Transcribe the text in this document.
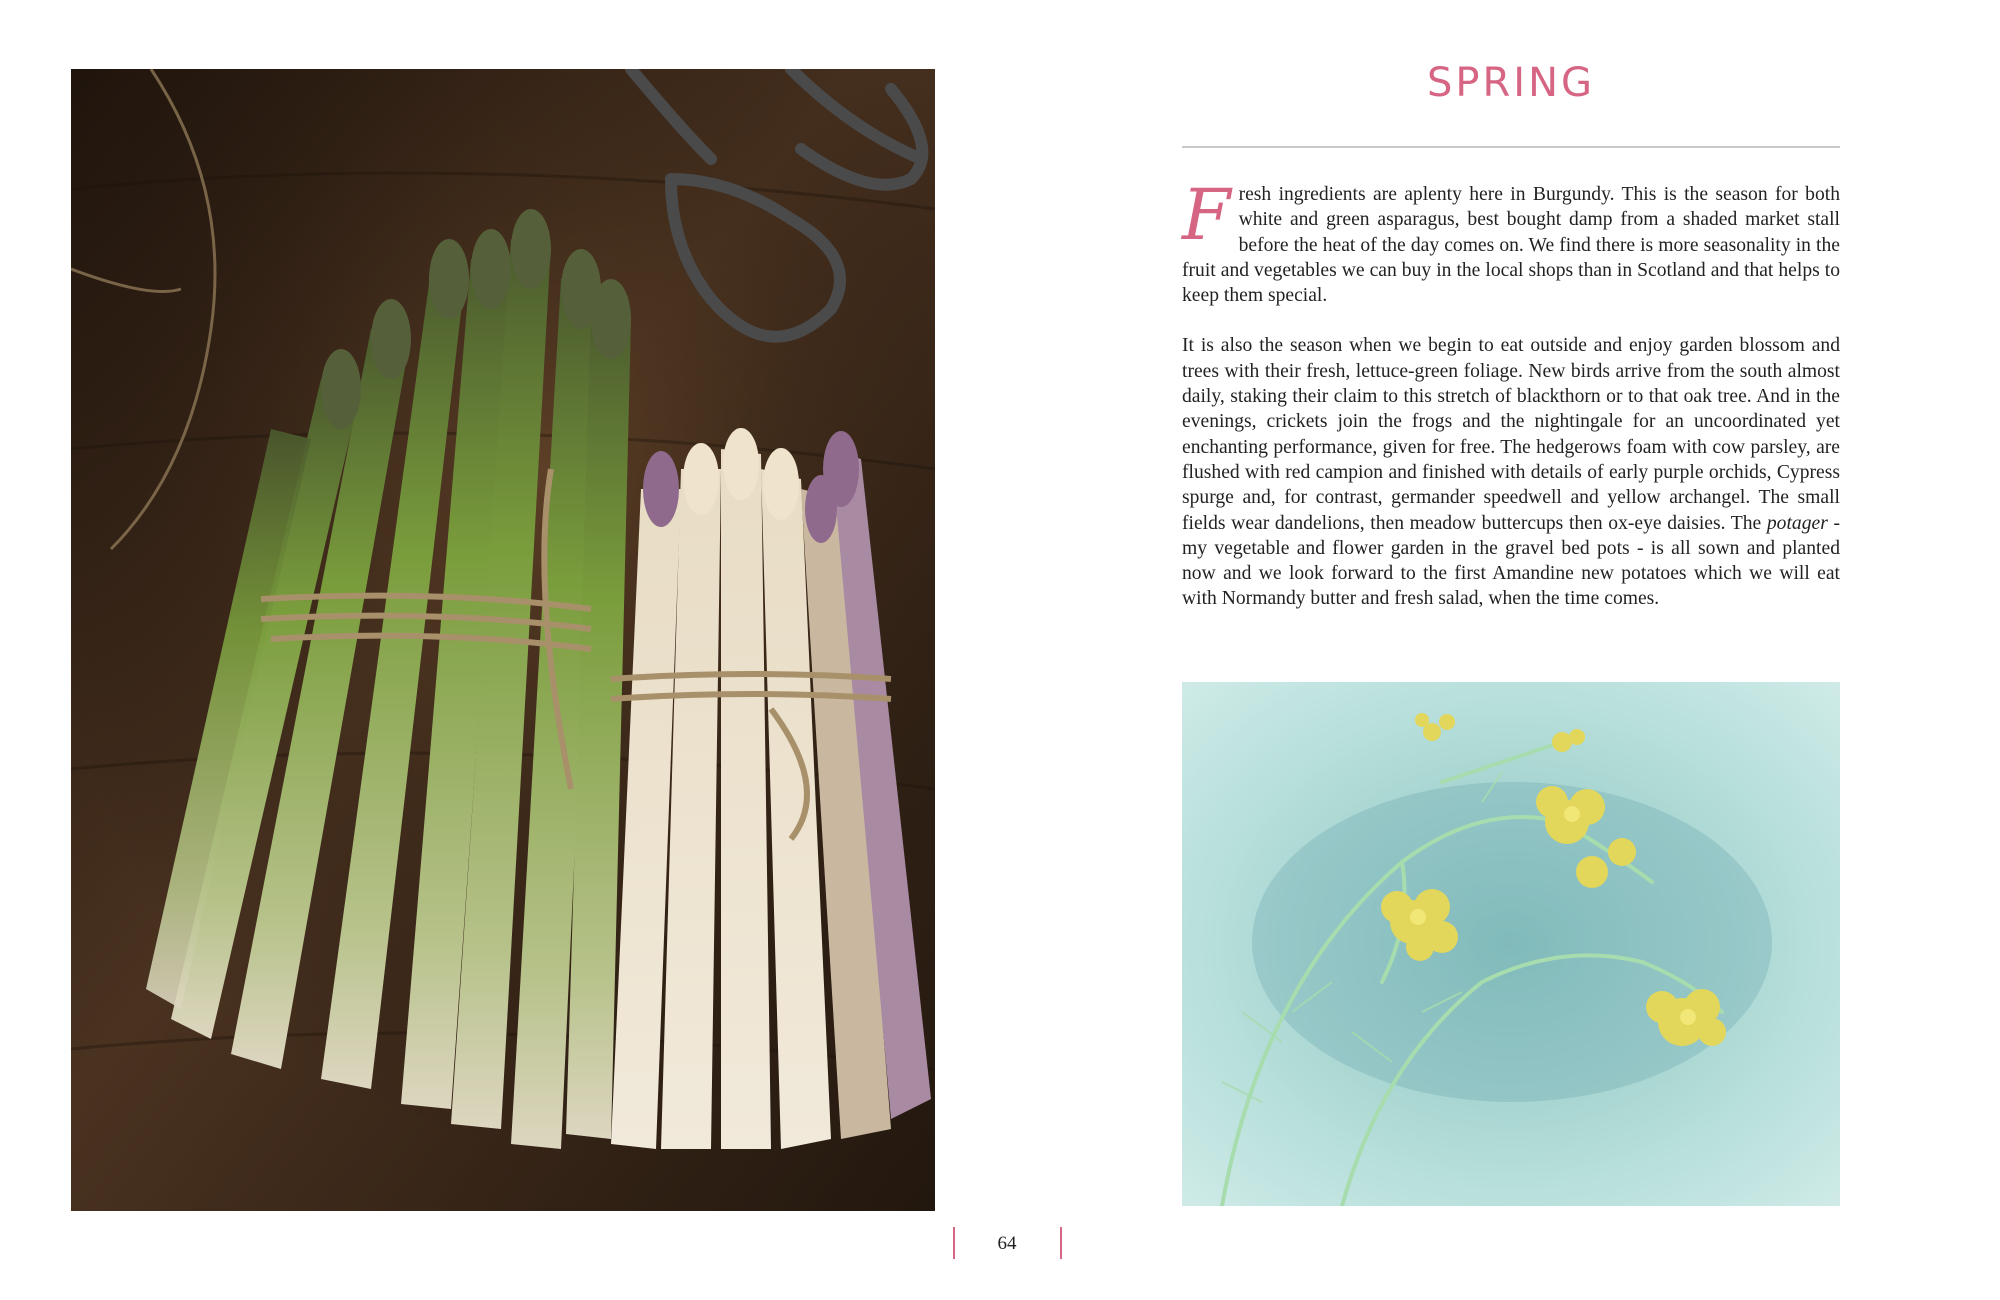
SPRING

Fresh ingredients are aplenty here in Burgundy. This is the season for both white and green asparagus, best bought damp from a shaded market stall before the heat of the day comes on. We find there is more seasonality in the fruit and vegetables we can buy in the local shops than in Scotland and that helps to keep them special.

It is also the season when we begin to eat outside and enjoy garden blossom and trees with their fresh, lettuce-green foliage. New birds arrive from the south almost daily, staking their claim to this stretch of blackthorn or to that oak tree. And in the evenings, crickets join the frogs and the nightingale for an uncoordinated yet enchanting performance, given for free. The hedgerows foam with cow parsley, are flushed with red campion and finished with details of early purple orchids, Cypress spurge and, for contrast, germander speedwell and yellow archangel. The small fields wear dandelions, then meadow buttercups then ox-eye daisies. The potager - my vegetable and flower garden in the gravel bed pots - is all sown and planted now and we look forward to the first Amandine new potatoes which we will eat with Normandy butter and fresh salad, when the time comes.

64
